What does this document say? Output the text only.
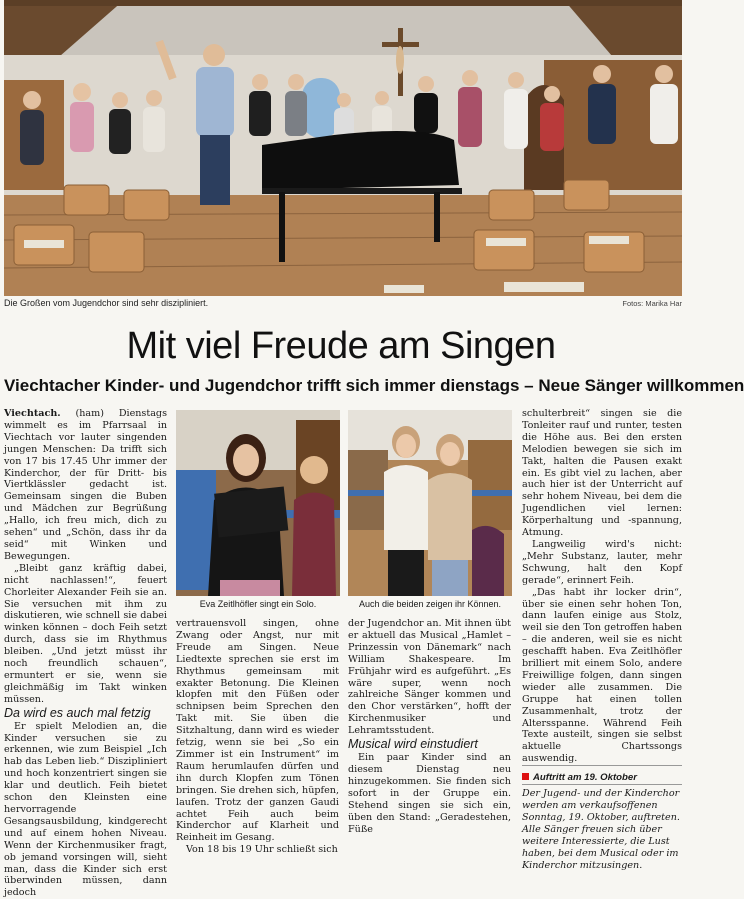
Die Großen vom Jugendchor sind sehr diszipliniert.	Fotos: Marika Har
Mit viel Freude am Singen
Viechtacher Kinder- und Jugendchor trifft sich immer dienstags – Neue Sänger willkommen

Viechtach. (ham) Dienstags wimmelt es im Pfarrsaal in Viechtach vor lauter singenden jungen Menschen: Da trifft sich von 17 bis 17.45 Uhr immer der Kinderchor, der für Dritt- bis Viertklässler gedacht ist. Gemeinsam singen die Buben und Mädchen zur Begrüßung „Hallo, ich freu mich, dich zu sehen“ und „Schön, dass ihr da seid“ mit Winken und Bewegungen.

„Bleibt ganz kräftig dabei, nicht nachlassen!“, feuert Chorleiter Alexander Feih sie an. Sie versuchen mit ihm zu diskutieren, wie schnell sie dabei winken können – doch Feih setzt durch, dass sie im Rhythmus bleiben. „Und jetzt müsst ihr noch freundlich schauen“, ermuntert er sie, wenn sie gleichmäßig im Takt winken müssen.

Da wird es auch mal fetzig

Er spielt Melodien an, die Kinder versuchen sie zu erkennen, wie zum Beispiel „Ich hab das Leben lieb.“ Diszipliniert und hoch konzentriert singen sie klar und deutlich. Feih bietet schon den Kleinsten eine hervorragende Gesangsausbildung, kindgerecht und auf einem hohen Niveau. Wenn der Kirchenmusiker fragt, ob jemand vorsingen will, sieht man, dass die Kinder sich erst überwinden müssen, dann jedoch

Eva Zeitlhöfler singt ein Solo.	Auch die beiden zeigen ihr Können.

vertrauensvoll singen, ohne Zwang oder Angst, nur mit Freude am Singen. Neue Liedtexte sprechen sie erst im Rhythmus gemeinsam mit exakter Betonung. Die Kleinen klopfen mit den Füßen oder schnipsen beim Sprechen den Takt mit. Sie üben die Sitzhaltung, dann wird es wieder fetzig, wenn sie bei „So ein Zimmer ist ein Instrument“ im Raum herumlaufen dürfen und ihn durch Klopfen zum Tönen bringen. Sie drehen sich, hüpfen, laufen. Trotz der ganzen Gaudi achtet Feih auch beim Kinderchor auf Klarheit und Reinheit im Gesang.

Von 18 bis 19 Uhr schließt sich

der Jugendchor an. Mit ihnen übt er aktuell das Musical „Hamlet – Prinzessin von Dänemark“ nach William Shakespeare. Im Frühjahr wird es aufgeführt. „Es wäre super, wenn noch zahlreiche Sänger kommen und den Chor verstärken“, hofft der Kirchenmusiker und Lehramtsstudent.

Musical wird einstudiert

Ein paar Kinder sind an diesem Dienstag neu hinzugekommen. Sie finden sich sofort in der Gruppe ein. Stehend singen sie sich ein, üben den Stand: „Geradestehen, Füße

schulterbreit“ singen sie die Tonleiter rauf und runter, testen die Höhe aus. Bei den ersten Melodien bewegen sie sich im Takt, halten die Pausen exakt ein. Es gibt viel zu lachen, aber auch hier ist der Unterricht auf sehr hohem Niveau, bei dem die Jugendlichen viel lernen: Körperhaltung und -spannung, Atmung.

Langweilig wird's nicht: „Mehr Substanz, lauter, mehr Schwung, halt den Kopf gerade“, erinnert Feih.

„Das habt ihr locker drin“, über sie einen sehr hohen Ton, dann laufen einige aus Stolz, weil sie den Ton getroffen haben – die anderen, weil sie es nicht geschafft haben. Eva Zeitlhöfler brilliert mit einem Solo, andere Freiwillige folgen, dann singen wieder alle zusammen. Die Gruppe hat einen tollen Zusammenhalt, trotz der Altersspanne. Während Feih Texte austeilt, singen sie selbst aktuelle Chartssongs auswendig.

Auftritt am 19. Oktober

Der Jugend- und der Kinderchor werden am verkaufsoffenen Sonntag, 19. Oktober, auftreten. Alle Sänger freuen sich über weitere Interessierte, die Lust haben, bei dem Musical oder im Kinderchor mitzusingen.
